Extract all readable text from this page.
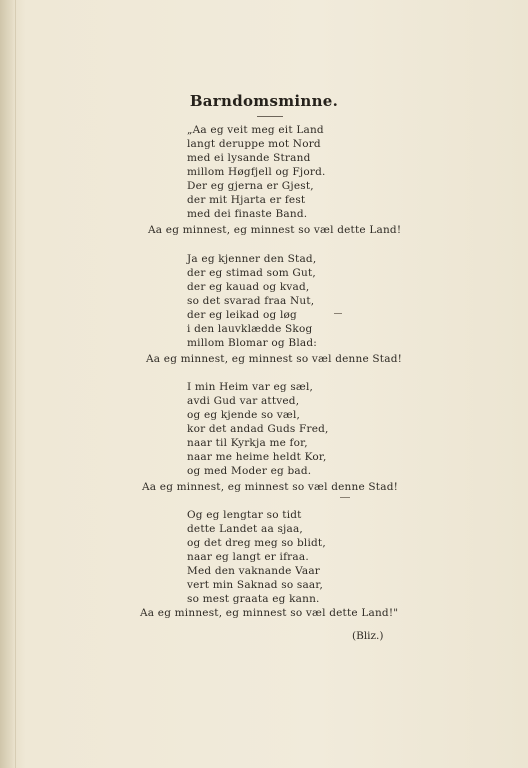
Barndomsminne.
„Aa eg veit meg eit Land
langt deruppe mot Nord
med ei lysande Strand
millom Høgfjell og Fjord.
Der eg gjerna er Gjest,
der mit Hjarta er fest
med dei finaste Band.
Aa eg minnest, eg minnest so væl dette Land!
Ja eg kjenner den Stad,
der eg stimad som Gut,
der eg kauad og kvad,
so det svarad fraa Nut,
der eg leikad og løg
i den lauvklædde Skog
millom Blomar og Blad:
Aa eg minnest, eg minnest so væl denne Stad!
I min Heim var eg sæl,
avdi Gud var attved,
og eg kjende so væl,
kor det andad Guds Fred,
naar til Kyrkja me for,
naar me heime heldt Kor,
og med Moder eg bad.
Aa eg minnest, eg minnest so væl denne Stad!
Og eg lengtar so tidt
dette Landet aa sjaa,
og det dreg meg so blidt,
naar eg langt er ifraa.
Med den vaknande Vaar
vert min Saknad so saar,
so mest graata eg kann.
Aa eg minnest, eg minnest so væl dette Land!"
(Bliz.)
